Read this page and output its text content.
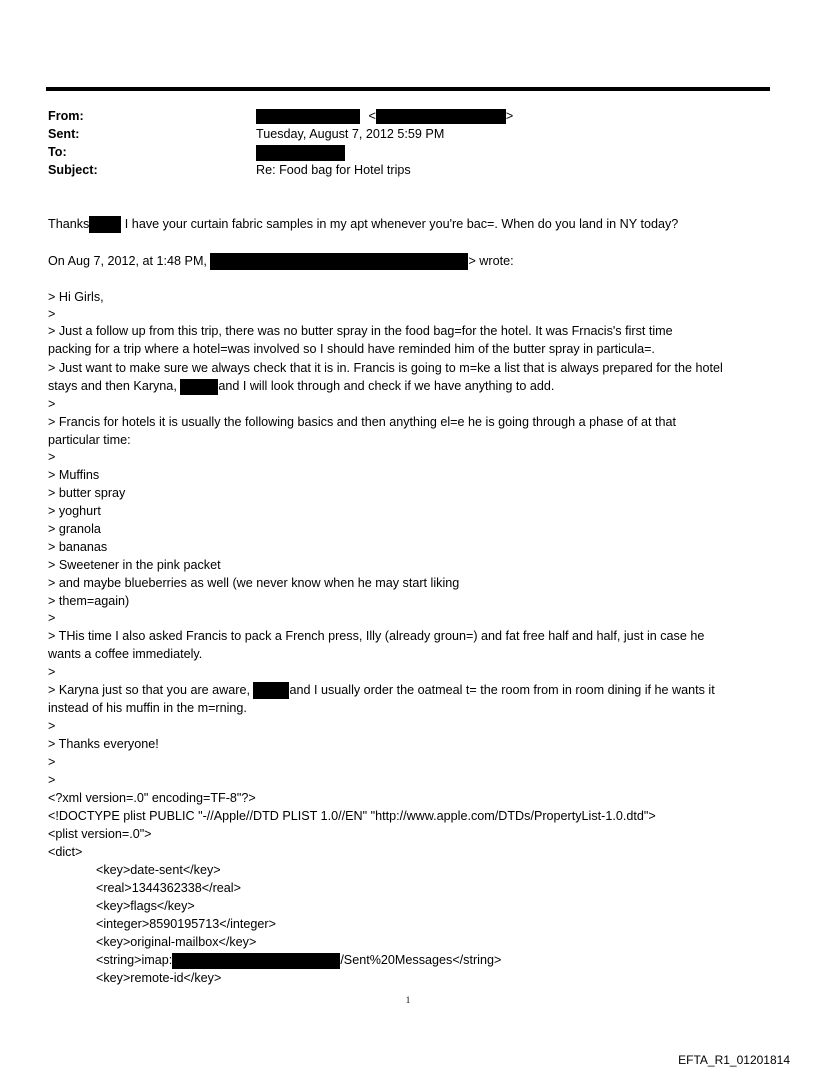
From:	<	>
Sent:	Tuesday, August 7, 2012 5:59 PM
To:
Subject:	Re: Food bag for Hotel trips
Thanks	I have your curtain fabric samples in my apt whenever you're bac=. When do you land in NY today?
On Aug 7, 2012, at 1:48 PM,	> wrote:
> Hi Girls,
>
> Just a follow up from this trip, there was no butter spray in the food bag=for the hotel. It was Frnacis's first time
packing for a trip where a hotel=was involved so I should have reminded him of the butter spray in particula=.
> Just want to make sure we always check that it is in. Francis is going to m=ke a list that is always prepared for the hotel
stays and then Karyna,	and I will look through and check if we have anything to add.
>
> Francis for hotels it is usually the following basics and then anything el=e he is going through a phase of at that
particular time:
>
> Muffins
> butter spray
> yoghurt
> granola
> bananas
> Sweetener in the pink packet
> and maybe blueberries as well (we never know when he may start liking
> them=again)
>
> THis time I also asked Francis to pack a French press, Illy (already groun=) and fat free half and half, just in case he
wants a coffee immediately.
>
> Karyna just so that you are aware,	and I usually order the oatmeal t= the room from in room dining if he wants it
instead of his muffin in the m=rning.
>
> Thanks everyone!
>
>
<?xml version=.0" encoding=TF-8"?>
<!DOCTYPE plist PUBLIC "-//Apple//DTD PLIST 1.0//EN" "http://www.apple.com/DTDs/PropertyList-1.0.dtd">
<plist version=.0">
<dict>
<key>date-sent</key>
<real>1344362338</real>
<key>flags</key>
<integer>8590195713</integer>
<key>original-mailbox</key>
<string>imap:	/Sent%20Messages</string>
<key>remote-id</key>
1
EFTA_R1_01201814
